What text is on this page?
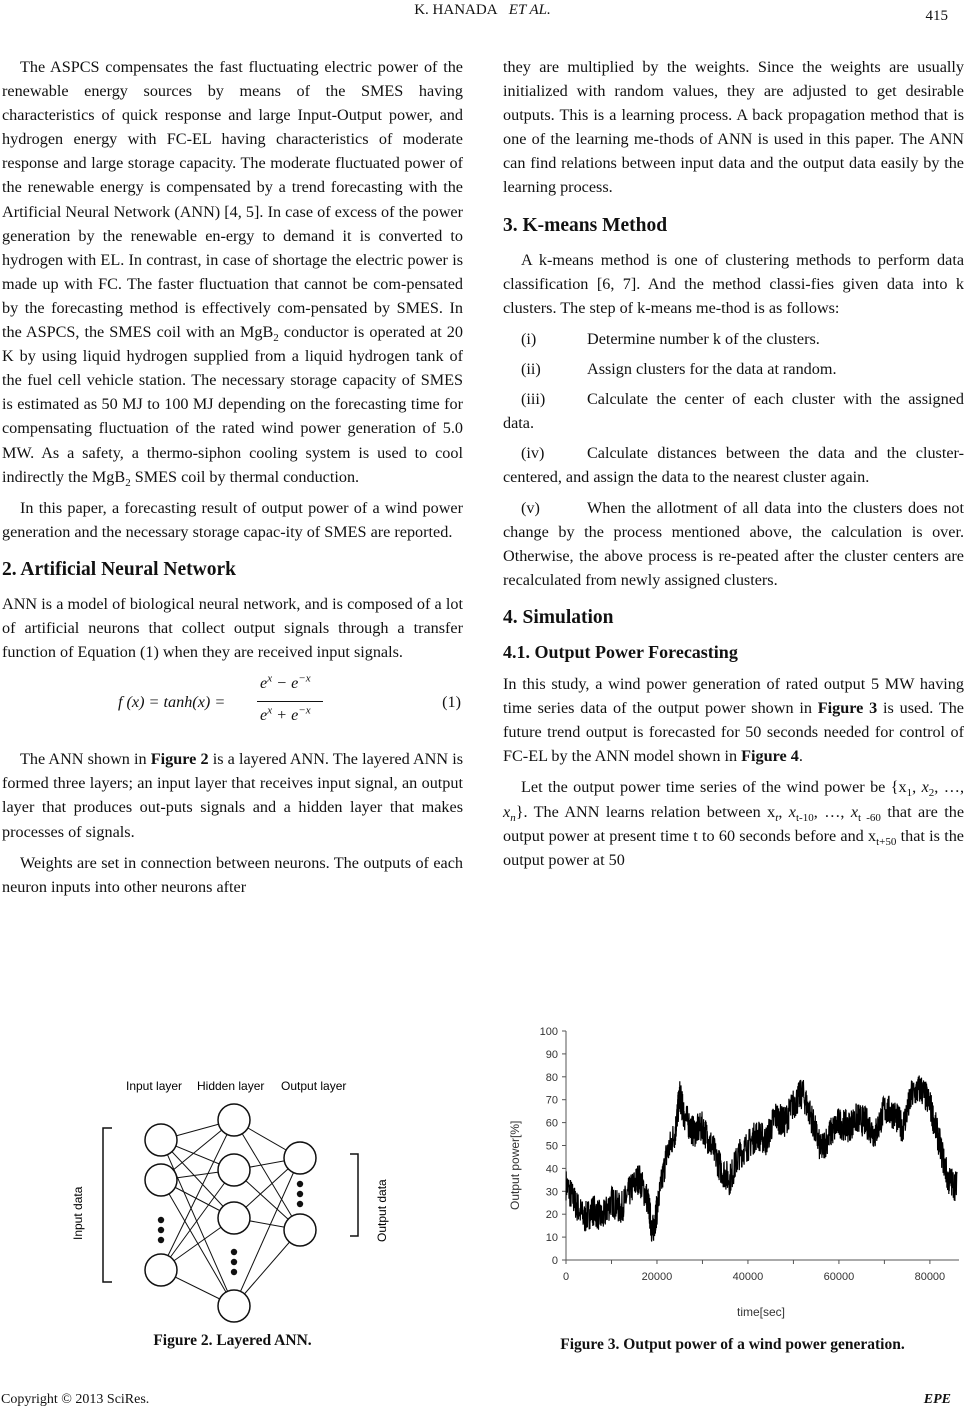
K. HANADA ET AL.	415

The ASPCS compensates the fast fluctuating electric power of the renewable energy sources by means of the SMES having characteristics of quick response and large Input-Output power, and hydrogen energy with FC-EL having characteristics of moderate response and large storage capacity. The moderate fluctuated power of the renewable energy is compensated by a trend forecasting with the Artificial Neural Network (ANN) [4, 5]. In case of excess of the power generation by the renewable en-ergy to demand it is converted to hydrogen with EL. In contrast, in case of shortage the electric power is made up with FC. The faster fluctuation that cannot be com-pensated by the forecasting method is effectively com-pensated by SMES. In the ASPCS, the SMES coil with an MgB$_2$ conductor is operated at 20 K by using liquid hydrogen supplied from a liquid hydrogen tank of the fuel cell vehicle station. The necessary storage capacity of SMES is estimated as 50 MJ to 100 MJ depending on the forecasting time for compensating fluctuation of the rated wind power generation of 5.0 MW. As a safety, a thermo-siphon cooling system is used to cool indirectly the MgB$_2$ SMES coil by thermal conduction.

In this paper, a forecasting result of output power of a wind power generation and the necessary storage capac-ity of SMES are reported.

2. Artificial Neural Network

ANN is a model of biological neural network, and is composed of a lot of artificial neurons that collect output signals through a transfer function of Equation (1) when they are received input signals.

f (x) = tanh(x) =
$e^x - e^{-x}$
$e^x + e^{-x}$	(1)

The ANN shown in Figure 2 is a layered ANN. The layered ANN is formed three layers; an input layer that receives input signal, an output layer that produces out-puts signals and a hidden layer that makes processes of signals.

Weights are set in connection between neurons. The outputs of each neuron inputs into other neurons after

they are multiplied by the weights. Since the weights are usually initialized with random values, they are adjusted to get desirable outputs. This is a learning process. A back propagation method that is one of the learning me-thods of ANN is used in this paper. The ANN can find relations between input data and the output data easily by the learning process.

3. K-means Method

A k-means method is one of clustering methods to perform data classification [6, 7]. And the method classi-fies given data into k clusters. The step of k-means me-thod is as follows:

(i)	Determine number k of the clusters.
(ii)	Assign clusters for the data at random.
(iii)	Calculate the center of each cluster with the assigned data.
(iv)	Calculate distances between the data and the cluster-centered, and assign the data to the nearest cluster again.
(v)	When the allotment of all data into the clusters does not change by the process mentioned above, the calculation is over. Otherwise, the above process is re-peated after the cluster centers are recalculated from newly assigned clusters.
4. Simulation
4.1. Output Power Forecasting

In this study, a wind power generation of rated output 5 MW having time series data of the output power shown in Figure 3 is used. The future trend output is forecasted for 50 seconds needed for control of FC-EL by the ANN model shown in Figure 4.

Let the output power time series of the wind power be {$x_1$, $x_2$, …, $x_n$}. The ANN learns relation between $x_t$, $x_{t-10}$, …, $x_{t -60}$ that are the output power at present time t to 60 seconds before and $x_{t+50}$ that is the output power at 50

Input layer Hidden layer Output layer
Input data	Output data
Figure 2. Layered ANN.
0
10
20
30
40
50
60
70
80
90
100
0	20000	40000	60000	80000
Output power[%]
time[sec]
Figure 3. Output power of a wind power generation.
Copyright © 2013 SciRes.	EPE
